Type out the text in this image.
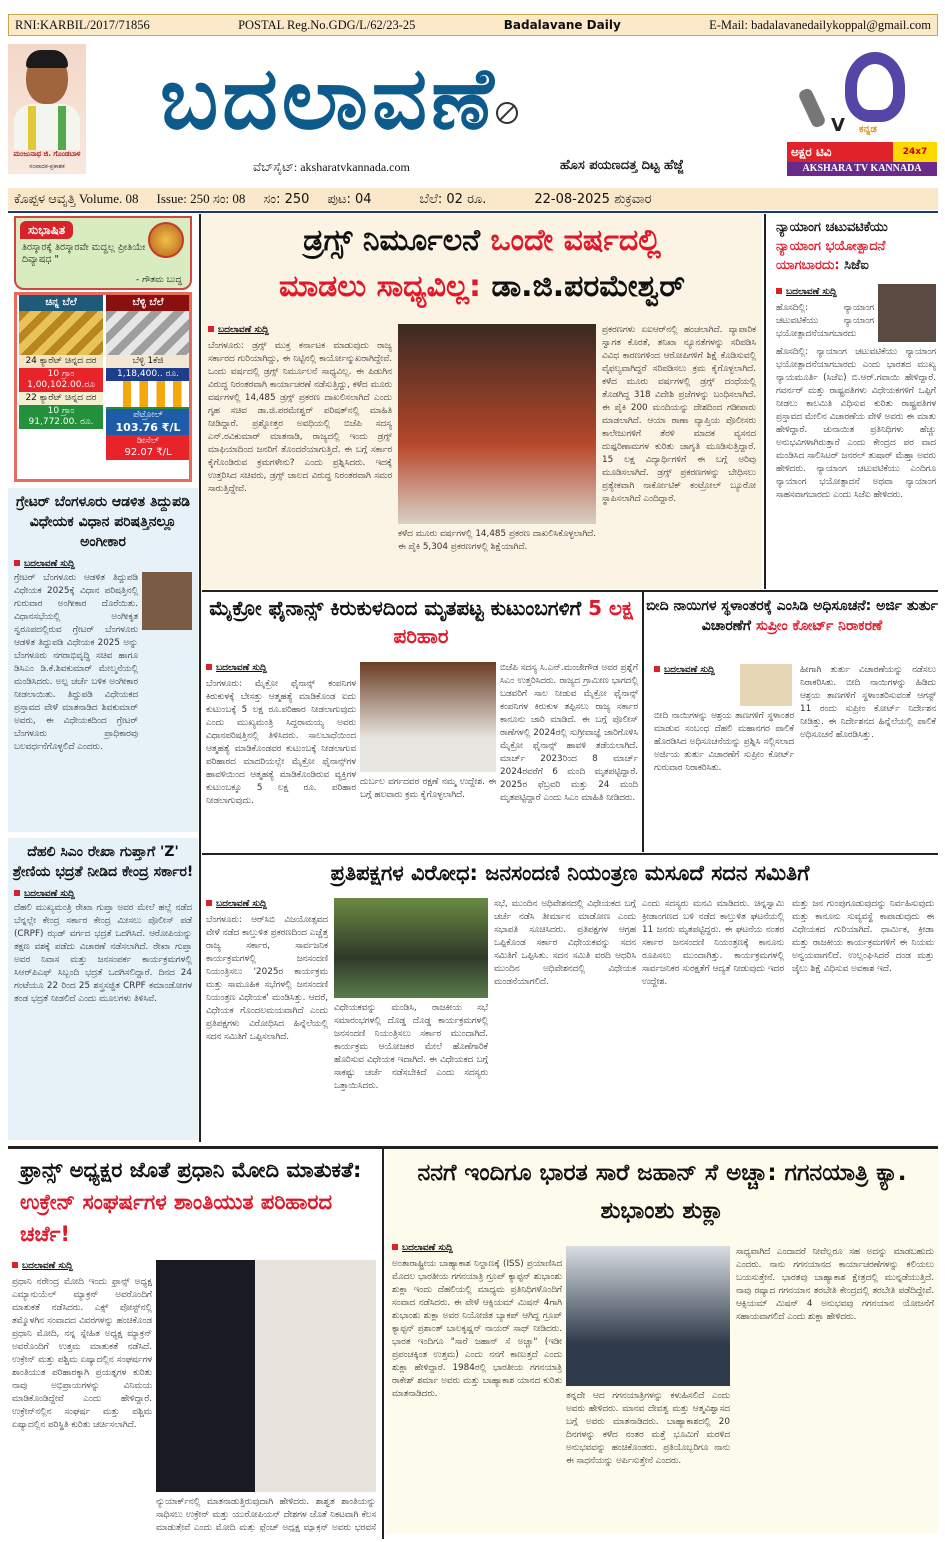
RNI:KARBIL/2017/71856	POSTAL Reg.No.GDG/L/62/23-25	Badalavane Daily	E-Mail: badalavanedailykoppal@gmail.com
ಮಂಜುನಾಥ ಜಿ. ಗೊಂಡಬಾಳ
ಸಂಪಾದಕ-ಪ್ರಕಾಶಕ
ಬದಲಾವಣೆ
ವೆಬ್‌ಸೈಟ್: aksharatvkannada.com	ಹೊಸ ಪಯಣದತ್ತ ದಿಟ್ಟ ಹೆಜ್ಜೆ
V ಕನ್ನಡ
ಅಕ್ಷರ ಟಿವಿ	24x7
AKSHARA TV KANNADA
ಕೊಪ್ಪಳ ಆವೃತ್ತಿ Volume. 08 Issue: 250 ಸಂ: 08 ಸಂ: 250 ಪುಟ: 04	ಬೆಲೆ: 02 ರೂ.	22-08-2025 ಶುಕ್ರವಾರ
ಸುಭಾಷಿತ
ತಿರಸ್ಕಾರಕ್ಕೆ ತಿರಸ್ಕಾರವೇ ಮದ್ದಲ್ಲ ಪ್ರೀತಿಯೇ ದಿವ್ಯಾಷಧ "
- ಗೌತಮ ಬುದ್ಧ
ಚಿನ್ನ ಬೆಲೆ
24 ಕ್ಯಾರೆಟ್ ಚಿನ್ನದ ದರ
10 ಗ್ರಾಂ
1,00,102.00.ರೂ
22 ಕ್ಯಾರೆಟ್ ಚಿನ್ನದ ದರ
10 ಗ್ರಾಂ
91,772.00. ರೂ.
ಬೆಳ್ಳಿ ಬೆಲೆ
ಬೆಳ್ಳಿ 1ಕೆಜಿ
1,18,400.. ರೂ.
ಪೆಟ್ರೋಲ್
103.76 ₹/L
ಡೀಸೆಲ್
92.07 ₹/L
ಗ್ರೇಟರ್ ಬೆಂಗಳೂರು ಆಡಳಿತ ತಿದ್ದುಪಡಿ ವಿಧೇಯಕ ವಿಧಾನ ಪರಿಷತ್ತಿನಲ್ಲೂ ಅಂಗೀಕಾರ
ಬದಲಾವಣೆ ಸುದ್ದಿ
ಗ್ರೇಟರ್ ಬೆಂಗಳೂರು ಆಡಳಿತ ತಿದ್ದುಪಡಿ ವಿಧೇಯಕ 2025ಕ್ಕೆ ವಿಧಾನ ಪರಿಷತ್ತಿನಲ್ಲಿ ಗುರುವಾರ ಅಂಗೀಕಾರ ದೊರೆಯಿತು. ವಿಧಾನಸಭೆಯಲ್ಲಿ ಅಂಗೀಕೃತ ಸ್ವರೂಪದಲ್ಲಿರುವ ಗ್ರೇಟರ್ ಬೆಂಗಳೂರು ಆಡಳಿತ ತಿದ್ದುಪಡಿ ವಿಧೇಯಕ 2025 ಅನ್ನು ಬೆಂಗಳೂರು ನಗರಾಭಿವೃದ್ಧಿ ಸಚಿವ ಹಾಗೂ ಡಿಸಿಎಂ ಡಿ.ಕೆ.ಶಿವಕುಮಾರ್ ಮೇಲ್ಮನೆಯಲ್ಲಿ ಮಂಡಿಸಿದರು. ಅಲ್ಪ ಚರ್ಚೆ ಬಳಿಕ ಅಂಗೀಕಾರ ನೀಡಲಾಯಿತು. ತಿದ್ದುಪಡಿ ವಿಧೇಯಕದ ಪ್ರಸ್ತಾವದ ವೇಳೆ ಮಾತನಾಡಿದ ಶಿವಕುಮಾರ್ ಅವರು, ಈ ವಿಧೇಯಕದಿಂದ ಗ್ರೇಟರ್ ಬೆಂಗಳೂರು ಪ್ರಾಧಿಕಾರವು ಬಲವರ್ಧನೆಗೊಳ್ಳಲಿದೆ ಎಂದರು.
ದೆಹಲಿ ಸಿಎಂ ರೇಖಾ ಗುಪ್ತಾಗೆ 'Z' ಶ್ರೇಣಿಯ ಭದ್ರತೆ ನೀಡಿದ ಕೇಂದ್ರ ಸರ್ಕಾರ!
ಬದಲಾವಣೆ ಸುದ್ದಿ
ದೆಹಲಿ ಮುಖ್ಯಮಂತ್ರಿ ರೇಖಾ ಗುಪ್ತಾ ಅವರ ಮೇಲೆ ಹಲ್ಲೆ ನಡೆದ ಬೆನ್ನಲ್ಲೇ ಕೇಂದ್ರ ಸರ್ಕಾರ ಕೇಂದ್ರ ಮೀಸಲು ಪೊಲೀಸ್ ಪಡೆ (CRPF) ಝಡ್ ವರ್ಗದ ಭದ್ರತೆ ಒದಗಿಸಿದೆ. ಆರೋಪಿಯನ್ನು ತಕ್ಷಣ ವಶಕ್ಕೆ ಪಡೆದು ವಿಚಾರಣೆ ನಡೆಸಲಾಗಿದೆ. ರೇಖಾ ಗುಪ್ತಾ ಅವರ ನಿವಾಸ ಮತ್ತು ಜನಸಂಪರ್ಕ ಕಾರ್ಯಕ್ರಮಗಳಲ್ಲಿ ಸಿಆರ್‌ಪಿಎಫ್ ಸಿಬ್ಬಂದಿ ಭದ್ರತೆ ಒದಗಿಸಲಿದ್ದಾರೆ. ದಿನದ 24 ಗಂಟೆಯೂ 22 ರಿಂದ 25 ಶಸ್ತ್ರಸಜ್ಜಿತ CRPF ಕಮಾಂಡೋಗಳ ತಂಡ ಭದ್ರತೆ ನೀಡಲಿದೆ ಎಂದು ಮೂಲಗಳು ತಿಳಿಸಿವೆ.
ಡ್ರಗ್ಸ್ ನಿರ್ಮೂಲನೆ ಒಂದೇ ವರ್ಷದಲ್ಲಿ
ಮಾಡಲು ಸಾಧ್ಯವಿಲ್ಲ: ಡಾ.ಜಿ.ಪರಮೇಶ್ವರ್
ಬದಲಾವಣೆ ಸುದ್ದಿ
ಬೆಂಗಳೂರು: ಡ್ರಗ್ಸ್ ಮುಕ್ತ ಕರ್ನಾಟಕ ಮಾಡುವುದು ರಾಜ್ಯ ಸರ್ಕಾರದ ಗುರಿಯಾಗಿದ್ದು, ಈ ನಿಟ್ಟಿನಲ್ಲಿ ಕಾರ್ಯೋನ್ಮುಖರಾಗಿದ್ದೇವೆ. ಒಂದು ವರ್ಷದಲ್ಲಿ ಡ್ರಗ್ಸ್ ನಿರ್ಮೂಲನೆ ಸಾಧ್ಯವಿಲ್ಲ. ಈ ಪಿಡುಗಿನ ವಿರುದ್ಧ ನಿರಂತರವಾಗಿ ಕಾರ್ಯಾಚರಣೆ ನಡೆಸುತ್ತಿದ್ದು, ಕಳೆದ ಮೂರು ವರ್ಷಗಳಲ್ಲಿ 14,485 ಡ್ರಗ್ಸ್ ಪ್ರಕರಣ ದಾಖಲಿಸಲಾಗಿದೆ ಎಂದು ಗೃಹ ಸಚಿವ ಡಾ.ಜಿ.ಪರಮೇಶ್ವರ್ ಪರಿಷತ್‌ನಲ್ಲಿ ಮಾಹಿತಿ ನೀಡಿದ್ದಾರೆ. ಪ್ರಶ್ನೋತ್ತರ ಅವಧಿಯಲ್ಲಿ ಬಿಜೆಪಿ ಸದಸ್ಯ ಎನ್.ರವಿಕುಮಾರ್ ಮಾತನಾಡಿ, ರಾಜ್ಯದಲ್ಲಿ ಇಂದು ಡ್ರಗ್ಸ್ ಮಾಫಿಯಾದಿಂದ ಜನರಿಗೆ ತೊಂದರೆಯಾಗುತ್ತಿದೆ. ಈ ಬಗ್ಗೆ ಸರ್ಕಾರ ಕೈಗೊಂಡಿರುವ ಕ್ರಮಗಳೇನು? ಎಂದು ಪ್ರಶ್ನಿಸಿದರು. ಇದಕ್ಕೆ ಉತ್ತರಿಸಿದ ಸಚಿವರು, ಡ್ರಗ್ಸ್ ಜಾಲದ ವಿರುದ್ಧ ನಿರಂತರವಾಗಿ ಸಮರ ಸಾರುತ್ತಿದ್ದೇವೆ.
ಕಳೆದ ಮೂರು ವರ್ಷಗಳಲ್ಲಿ 14,485 ಪ್ರಕರಣ ದಾಖಲಿಸಿಕೊಳ್ಳಲಾಗಿದೆ. ಈ ಪೈಕಿ 5,304 ಪ್ರಕರಣಗಳಲ್ಲಿ ಶಿಕ್ಷೆಯಾಗಿದೆ.
ಪ್ರಕರಣಗಳು ಏಐಆರ್‌ನಲ್ಲಿ ಹಂಚಲಾಗಿದೆ. ವ್ಯಾಪಾರಿಕ ಸ್ವಾಗತ ಕೊರತೆ, ತನಿಖಾ ನ್ಯೂನತೆಗಳನ್ನು ಸರಿಪಡಿಸಿ ವಿವಿಧ ಕಾರಣಗಳಿಂದ ಆರೋಪಿಗಳಿಗೆ ಶಿಕ್ಷೆ ಕೊಡಿಸುವಲ್ಲಿ ವೈಫಲ್ಯವಾಗಿದ್ದರೆ ಸರಿಪಡಿಸಲು ಕ್ರಮ ಕೈಗೊಳ್ಳಲಾಗಿದೆ. ಕಳೆದ ಮೂರು ವರ್ಷಗಳಲ್ಲಿ ಡ್ರಗ್ಸ್ ದಂಧೆಯಲ್ಲಿ ತೊಡಗಿದ್ದ 318 ವಿದೇಶಿ ಪ್ರಜೆಗಳನ್ನು ಬಂಧಿಸಲಾಗಿದೆ. ಈ ಪೈಕಿ 200 ಮಂದಿಯನ್ನು ದೇಶದಿಂದ ಗಡೀಪಾರು ಮಾಡಲಾಗಿದೆ. ಆಯಾ ಠಾಣಾ ವ್ಯಾಪ್ತಿಯ ಪೊಲೀಸರು ಕಾಲೇಜುಗಳಿಗೆ ತೆರಳಿ ಮಾದಕ ವ್ಯಸನದ ದುಷ್ಪರಿಣಾಮಗಳ ಕುರಿತು ಜಾಗೃತಿ ಮೂಡಿಸುತ್ತಿದ್ದಾರೆ. 15 ಲಕ್ಷ ವಿದ್ಯಾರ್ಥಿಗಳಿಗೆ ಈ ಬಗ್ಗೆ ಅರಿವು ಮೂಡಿಸಲಾಗಿದೆ. ಡ್ರಗ್ಸ್ ಪ್ರಕರಣಗಳನ್ನು ಬೇಧಿಸಲು ಪ್ರತ್ಯೇಕವಾಗಿ ನಾರ್ಕೋಟಿಕ್ ಕಂಟ್ರೋಲ್ ಬ್ಯೂರೋ ಸ್ಥಾಪಿಸಲಾಗಿದೆ ಎಂದಿದ್ದಾರೆ.
ನ್ಯಾಯಾಂಗ ಚಟುವಟಿಕೆಯು
ನ್ಯಾಯಾಂಗ ಭಯೋತ್ಪಾದನೆ
ಯಾಗಬಾರದು: ಸಿಜೆಐ
ಬದಲಾವಣೆ ಸುದ್ದಿ
ಹೊಸದಿಲ್ಲಿ: ನ್ಯಾಯಾಂಗ ಚಟುವಟಿಕೆಯು ನ್ಯಾಯಾಂಗ ಭಯೋತ್ಪಾದನೆಯಾಗಬಾರದು
ಹೊಸದಿಲ್ಲಿ: ನ್ಯಾಯಾಂಗ ಚಟುವಟಿಕೆಯು ನ್ಯಾಯಾಂಗ ಭಯೋತ್ಪಾದನೆಯಾಗಬಾರದು ಎಂದು ಭಾರತದ ಮುಖ್ಯ ನ್ಯಾಯಮೂರ್ತಿ (ಸಿಜೆಐ) ಬಿ.ಆರ್.ಗವಾಯಿ ಹೇಳಿದ್ದಾರೆ. ಗವರ್ನರ್ ಮತ್ತು ರಾಷ್ಟ್ರಪತಿಗಳು ವಿಧೇಯಕಗಳಿಗೆ ಒಪ್ಪಿಗೆ ನೀಡಲು ಕಾಲಮಿತಿ ವಿಧಿಸುವ ಕುರಿತು ರಾಷ್ಟ್ರಪತಿಗಳ ಪ್ರಸ್ತಾವದ ಮೇಲಿನ ವಿಚಾರಣೆಯ ವೇಳೆ ಅವರು ಈ ಮಾತು ಹೇಳಿದ್ದಾರೆ. ಚುನಾಯಿತ ಪ್ರತಿನಿಧಿಗಳು ಹೆಚ್ಚು ಅನುಭವಿಗಳಾಗಿರುತ್ತಾರೆ ಎಂದು ಕೇಂದ್ರದ ಪರ ವಾದ ಮಂಡಿಸಿದ ಸಾಲಿಸಿಟರ್ ಜನರಲ್ ತುಷಾರ್ ಮೆಹ್ತಾ ಅವರು ಹೇಳಿದರು. ನ್ಯಾಯಾಂಗ ಚಟುವಟಿಕೆಯು ಎಂದಿಗೂ ನ್ಯಾಯಾಂಗ ಭಯೋತ್ಪಾದನೆ ಅಥವಾ ನ್ಯಾಯಾಂಗ ಸಾಹಸವಾಗಬಾರದು ಎಂದು ಸಿಜೆಐ ಹೇಳಿದರು.
ಮೈಕ್ರೋ ಫೈನಾನ್ಸ್ ಕಿರುಕುಳದಿಂದ ಮೃತಪಟ್ಟ ಕುಟುಂಬಗಳಿಗೆ 5 ಲಕ್ಷ ಪರಿಹಾರ
ಬದಲಾವಣೆ ಸುದ್ದಿ
ಬೆಂಗಳೂರು: ಮೈಕ್ರೋ ಫೈನಾನ್ಸ್ ಕಂಪನಿಗಳ ಕಿರುಕುಳಕ್ಕೆ ಬೇಸತ್ತು ಆತ್ಮಹತ್ಯೆ ಮಾಡಿಕೊಂಡ ಐದು ಕುಟುಂಬಕ್ಕೆ 5 ಲಕ್ಷ ರೂ.ಪರಿಹಾರ ನೀಡಲಾಗುವುದು ಎಂದು ಮುಖ್ಯಮಂತ್ರಿ ಸಿದ್ದರಾಮಯ್ಯ ಅವರು ವಿಧಾನಪರಿಷತ್ತಿನಲ್ಲಿ ತಿಳಿಸಿದರು. ಸಾಲಬಾಧೆಯಿಂದ ಆತ್ಮಹತ್ಯೆ ಮಾಡಿಕೊಂಡವರ ಕುಟುಂಬಕ್ಕೆ ನೀಡಲಾಗುವ ಪರಿಹಾರದ ಮಾದರಿಯಲ್ಲೇ ಮೈಕ್ರೋ ಫೈನಾನ್ಸ್‌ಗಳ ಹಾವಳಿಯಿಂದ ಆತ್ಮಹತ್ಯೆ ಮಾಡಿಕೊಂಡಿರುವ ವ್ಯಕ್ತಿಗಳ ಕುಟುಂಬಕ್ಕೂ 5 ಲಕ್ಷ ರೂ. ಪರಿಹಾರ ನೀಡಲಾಗುವುದು.
ದುರ್ಬಲ ವರ್ಗದವರ ರಕ್ಷಣೆ ನಮ್ಮ ಉದ್ದೇಶ. ಈ ಬಗ್ಗೆ ಹಲವಾರು ಕ್ರಮ ಕೈಗೊಳ್ಳಲಾಗಿದೆ.
ಬಿಜೆಪಿ ಸದಸ್ಯ ಸಿ.ಎನ್.ಮಂಜೇಗೌಡ ಅವರ ಪ್ರಶ್ನೆಗೆ ಸಿಎಂ ಉತ್ತರಿಸಿದರು. ರಾಜ್ಯದ ಗ್ರಾಮೀಣ ಭಾಗದಲ್ಲಿ ಬಡವರಿಗೆ ಸಾಲ ನೀಡುವ ಮೈಕ್ರೋ ಫೈನಾನ್ಸ್ ಕಂಪನಿಗಳ ಕಿರುಕುಳ ತಪ್ಪಿಸಲು ರಾಜ್ಯ ಸರ್ಕಾರ ಕಾನೂನು ಜಾರಿ ಮಾಡಿದೆ. ಈ ಬಗ್ಗೆ ಪೊಲೀಸ್ ಠಾಣೆಗಳಲ್ಲಿ 2024ರಲ್ಲಿ ಸುಗ್ರೀವಾಜ್ಞೆ ಜಾರಿಗೊಳಿಸಿ ಮೈಕ್ರೋ ಫೈನಾನ್ಸ್ ಹಾವಳಿ ತಡೆಯಲಾಗಿದೆ. ಮಾರ್ಚ್ 2023ರಿಂದ 8 ಮಾರ್ಚ್ 2024ರವರೆಗೆ 6 ಮಂದಿ ಮೃತಪಟ್ಟಿದ್ದಾರೆ. 2025ರ ಫೆಬ್ರವರಿ ಮತ್ತು 24 ಮಂದಿ ಮೃತಪಟ್ಟಿದ್ದಾರೆ ಎಂದು ಸಿಎಂ ಮಾಹಿತಿ ನೀಡಿದರು.
ಬೀದಿ ನಾಯಿಗಳ ಸ್ಥಳಾಂತರಕ್ಕೆ ಎಂಸಿಡಿ ಅಧಿಸೂಚನೆ: ಅರ್ಜಿ ತುರ್ತು ವಿಚಾರಣೆಗೆ ಸುಪ್ರೀಂ ಕೋರ್ಟ್ ನಿರಾಕರಣೆ
ಬದಲಾವಣೆ ಸುದ್ದಿ
ಬೀದಿ ನಾಯಿಗಳನ್ನು ಆಶ್ರಯ ತಾಣಗಳಿಗೆ ಸ್ಥಳಾಂತರ ಮಾಡುವ ಸಂಬಂಧ ದೆಹಲಿ ಮಹಾನಗರ ಪಾಲಿಕೆ ಹೊರಡಿಸಿದ ಅಧಿಸೂಚನೆಯನ್ನು ಪ್ರಶ್ನಿಸಿ ಸಲ್ಲಿಸಲಾದ ಅರ್ಜಿಯ ತುರ್ತು ವಿಚಾರಣೆಗೆ ಸುಪ್ರೀಂ ಕೋರ್ಟ್ ಗುರುವಾರ ನಿರಾಕರಿಸಿತು.
ಹೀಗಾಗಿ ತುರ್ತು ವಿಚಾರಣೆಯನ್ನು ನಡೆಸಲು ನಿರಾಕರಿಸಿತು. ಬೀದಿ ನಾಯಿಗಳನ್ನು ಹಿಡಿದು ಆಶ್ರಯ ತಾಣಗಳಿಗೆ ಸ್ಥಳಾಂತರಿಸುವಂತೆ ಆಗಸ್ಟ್ 11 ರಂದು ಸುಪ್ರೀಂ ಕೋರ್ಟ್ ನಿರ್ದೇಶನ ನೀಡಿತ್ತು. ಈ ನಿರ್ದೇಶನದ ಹಿನ್ನೆಲೆಯಲ್ಲಿ ಪಾಲಿಕೆ ಅಧಿಸೂಚನೆ ಹೊರಡಿಸಿತ್ತು.
ಪ್ರತಿಪಕ್ಷಗಳ ವಿರೋಧ: ಜನಸಂದಣಿ ನಿಯಂತ್ರಣ ಮಸೂದೆ ಸದನ ಸಮಿತಿಗೆ
ಬದಲಾವಣೆ ಸುದ್ದಿ
ಬೆಂಗಳೂರು: ಆರ್‌ಸಿಬಿ ವಿಜಯೋತ್ಸವದ ವೇಳೆ ನಡೆದ ಕಾಲ್ತುಳಿತ ಪ್ರಕರಣದಿಂದ ಎಚ್ಚೆತ್ತ ರಾಜ್ಯ ಸರ್ಕಾರ, ಸಾರ್ವಜನಿಕ ಕಾರ್ಯಕ್ರಮಗಳಲ್ಲಿ ಜನಸಂದಣಿ ನಿಯಂತ್ರಿಸಲು '2025ರ ಕಾರ್ಯಕ್ರಮ ಮತ್ತು ಸಾಮೂಹಿಕ ಸಭೆಗಳಲ್ಲಿ ಜನಸಂದಣಿ ನಿಯಂತ್ರಣ ವಿಧೇಯಕ' ಮಂಡಿಸಿತ್ತು. ಆದರೆ, ವಿಧೇಯಕ ಗೊಂದಲಮಯವಾಗಿದೆ ಎಂದು ಪ್ರತಿಪಕ್ಷಗಳು ವಿರೋಧಿಸಿದ ಹಿನ್ನೆಲೆಯಲ್ಲಿ ಸದನ ಸಮಿತಿಗೆ ಒಪ್ಪಿಸಲಾಗಿದೆ.
ವಿಧೇಯಕವನ್ನು ಮಂಡಿಸಿ, ರಾಜಕೀಯ ಸಭೆ ಸಮಾರಂಭಗಳಲ್ಲಿ ದೊಡ್ಡ ದೊಡ್ಡ ಕಾರ್ಯಕ್ರಮಗಳಲ್ಲಿ ಜನಸಂದಣಿ ನಿಯಂತ್ರಿಸಲು ಸರ್ಕಾರ ಮುಂದಾಗಿದೆ. ಕಾರ್ಯಕ್ರಮ ಆಯೋಜಕರ ಮೇಲೆ ಹೊಣೆಗಾರಿಕೆ ಹೊರಿಸುವ ವಿಧೇಯಕ ಇದಾಗಿದೆ. ಈ ವಿಧೇಯಕದ ಬಗ್ಗೆ ಸಾಕಷ್ಟು ಚರ್ಚೆ ನಡೆಸಬೇಕಿದೆ ಎಂದು ಸದಸ್ಯರು ಒತ್ತಾಯಿಸಿದರು.
ಸಭೆ, ಮುಂದಿನ ಅಧಿವೇಶನದಲ್ಲಿ ವಿಧೇಯಕದ ಬಗ್ಗೆ ಚರ್ಚೆ ನಡೆಸಿ ತೀರ್ಮಾನ ಮಾಡೋಣ ಎಂದು ಸಭಾಪತಿ ಸೂಚಿಸಿದರು. ಪ್ರತಿಪಕ್ಷಗಳ ಆಗ್ರಹ ಒಪ್ಪಿಕೊಂಡ ಸರ್ಕಾರ ವಿಧೇಯಕವನ್ನು ಸದನ ಸಮಿತಿಗೆ ಒಪ್ಪಿಸಿತು. ಸದನ ಸಮಿತಿ ವರದಿ ಆಧರಿಸಿ ಮುಂದಿನ ಅಧಿವೇಶನದಲ್ಲಿ ವಿಧೇಯಕ ಮಂಡನೆಯಾಗಲಿದೆ.
ಎಂದು ಸದಸ್ಯರು ಮನವಿ ಮಾಡಿದರು. ಚಿನ್ನಸ್ವಾಮಿ ಕ್ರೀಡಾಂಗಣದ ಬಳಿ ನಡೆದ ಕಾಲ್ತುಳಿತ ಘಟನೆಯಲ್ಲಿ 11 ಜನರು ಮೃತಪಟ್ಟಿದ್ದರು. ಈ ಘಟನೆಯ ನಂತರ ಸರ್ಕಾರ ಜನಸಂದಣಿ ನಿಯಂತ್ರಣಕ್ಕೆ ಕಾನೂನು ರೂಪಿಸಲು ಮುಂದಾಗಿತ್ತು. ಕಾರ್ಯಕ್ರಮಗಳಲ್ಲಿ ಸಾರ್ವಜನಿಕರ ಸುರಕ್ಷತೆಗೆ ಆದ್ಯತೆ ನೀಡುವುದು ಇದರ ಉದ್ದೇಶ.
ಮತ್ತು ಜನ ಗುಂಪುಗೂಡುವುದನ್ನು ನಿರ್ವಹಿಸುವುದು ಮತ್ತು ಕಾನೂನು ಸುವ್ಯವಸ್ಥೆ ಕಾಪಾಡುವುದು ಈ ವಿಧೇಯಕದ ಗುರಿಯಾಗಿದೆ. ಧಾರ್ಮಿಕ, ಕ್ರೀಡಾ ಮತ್ತು ರಾಜಕೀಯ ಕಾರ್ಯಕ್ರಮಗಳಿಗೆ ಈ ನಿಯಮ ಅನ್ವಯವಾಗಲಿದೆ. ಉಲ್ಲಂಘಿಸಿದರೆ ದಂಡ ಮತ್ತು ಜೈಲು ಶಿಕ್ಷೆ ವಿಧಿಸುವ ಅವಕಾಶ ಇದೆ.
ಫ್ರಾನ್ಸ್ ಅಧ್ಯಕ್ಷರ ಜೊತೆ ಪ್ರಧಾನಿ ಮೋದಿ ಮಾತುಕತೆ: ಉಕ್ರೇನ್ ಸಂಘರ್ಷಗಳ ಶಾಂತಿಯುತ ಪರಿಹಾರದ ಚರ್ಚೆ!
ಬದಲಾವಣೆ ಸುದ್ದಿ
ಪ್ರಧಾನಿ ನರೇಂದ್ರ ಮೋದಿ ಇಂದು ಫ್ರಾನ್ಸ್ ಅಧ್ಯಕ್ಷ ಎಮ್ಯಾನುಯೆಲ್ ಮ್ಯಾಕ್ರನ್ ಅವರೊಂದಿಗೆ ಮಾತುಕತೆ ನಡೆಸಿದರು. ಎಕ್ಸ್ ಪೋಸ್ಟ್‌ನಲ್ಲಿ ತಮ್ಮೊಳಗಿನ ಸಂವಾದದ ವಿವರಗಳನ್ನು ಹಂಚಿಕೊಂಡ ಪ್ರಧಾನಿ ಮೋದಿ, ನನ್ನ ಸ್ನೇಹಿತ ಅಧ್ಯಕ್ಷ ಮ್ಯಾಕ್ರನ್ ಅವರೊಂದಿಗೆ ಉತ್ತಮ ಮಾತುಕತೆ ನಡೆಸಿದೆ. ಉಕ್ರೇನ್ ಮತ್ತು ಪಶ್ಚಿಮ ಏಷ್ಯಾದಲ್ಲಿನ ಸಂಘರ್ಷಗಳ ಶಾಂತಿಯುತ ಪರಿಹಾರಕ್ಕಾಗಿ ಪ್ರಯತ್ನಗಳ ಕುರಿತು ನಾವು ಅಭಿಪ್ರಾಯಗಳನ್ನು ವಿನಿಮಯ ಮಾಡಿಕೊಂಡಿದ್ದೇವೆ ಎಂದು ಹೇಳಿದ್ದಾರೆ. ಉಕ್ರೇನ್‌ನಲ್ಲಿನ ಸಂಘರ್ಷ ಮತ್ತು ಪಶ್ಚಿಮ ಏಷ್ಯಾದಲ್ಲಿನ ಪರಿಸ್ಥಿತಿ ಕುರಿತು ಚರ್ಚಿಸಲಾಗಿದೆ.
ನ್ಯುಯಾರ್ಕ್‌ನಲ್ಲಿ ಮಾತನಾಡುತ್ತಿರುವುದಾಗಿ ಹೇಳಿದರು. ಶಾಶ್ವತ ಶಾಂತಿಯನ್ನು ಸಾಧಿಸಲು ಉಕ್ರೇನ್ ಮತ್ತು ಯುರೋಪಿಯನ್ ದೇಶಗಳ ಜೊತೆ ನಿಕಟವಾಗಿ ಕೆಲಸ ಮಾಡುತ್ತೇವೆ ಎಂದು ಮೋದಿ ಮತ್ತು ಫ್ರೆಂಚ್ ಅಧ್ಯಕ್ಷ ಮ್ಯಾಕ್ರನ್ ಅವರು ಭರವಸೆ
ನನಗೆ ಇಂದಿಗೂ ಭಾರತ ಸಾರೆ ಜಹಾನ್ ಸೆ ಅಚ್ಚಾ: ಗಗನಯಾತ್ರಿ ಕ್ಯಾ. ಶುಭಾಂಶು ಶುಕ್ಲಾ
ಬದಲಾವಣೆ ಸುದ್ದಿ
ಅಂತಾರಾಷ್ಟ್ರೀಯ ಬಾಹ್ಯಾಕಾಶ ನಿಲ್ದಾಣಕ್ಕೆ (ISS) ಪ್ರಯಾಣಿಸಿದ ಮೊದಲ ಭಾರತೀಯ ಗಗನಯಾತ್ರಿ ಗ್ರೂಪ್ ಕ್ಯಾಪ್ಟನ್ ಶುಭಾಂಶು ಶುಕ್ಲಾ ಇಂದು ದೆಹಲಿಯಲ್ಲಿ ಮಾಧ್ಯಮ ಪ್ರತಿನಿಧಿಗಳೊಂದಿಗೆ ಸಂವಾದ ನಡೆಸಿದರು. ಈ ವೇಳೆ ಆಕ್ಸಿಯಮ್ ಮಿಷನ್ 4ಗಾಗಿ ಶುಭಾಂಶು ಶುಕ್ಲಾ ಅವರ ನಿಯೋಜಿತ ಬ್ಯಾಕಪ್ ಆಗಿದ್ದ ಗ್ರೂಪ್ ಕ್ಯಾಪ್ಟನ್ ಪ್ರಶಾಂತ್ ಬಾಲಕೃಷ್ಣನ್ ನಾಯರ್ ಸಾಥ್ ನೀಡಿದರು. ಭಾರತ ಇಂದಿಗೂ "ಸಾರೆ ಜಹಾನ್ ಸೆ ಅಚ್ಚಾ" (ಇಡೀ ಪ್ರಪಂಚಕ್ಕಿಂತ ಉತ್ತಮ) ಎಂದು ನನಗೆ ಕಾಣುತ್ತದೆ ಎಂದು ಶುಕ್ಲಾ ಹೇಳಿದ್ದಾರೆ. 1984ರಲ್ಲಿ ಭಾರತೀಯ ಗಗನಯಾತ್ರಿ ರಾಕೇಶ್ ಶರ್ಮಾ ಅವರು ಮತ್ತು ಬಾಹ್ಯಾಕಾಶ ಯಾನದ ಕುರಿತು ಮಾತನಾಡಿದರು.	ತನ್ನದೇ ಆದ ಗಗನಯಾತ್ರಿಗಳನ್ನು ಕಳುಹಿಸಲಿದೆ ಎಂದು ಅವರು ಹೇಳಿದರು. ಮಾನವ ದೇವತ್ವ ಮತ್ತು ಆತ್ಮವಿಶ್ವಾಸದ ಬಗ್ಗೆ ಅವರು ಮಾತನಾಡಿದರು. ಬಾಹ್ಯಾಕಾಶದಲ್ಲಿ 20 ದಿನಗಳನ್ನು ಕಳೆದ ನಂತರ ಮತ್ತೆ ಭೂಮಿಗೆ ಮರಳಿದ ಅನುಭವವನ್ನು ಹಂಚಿಕೊಂಡರು. ಪ್ರತಿಯೊಬ್ಬರಿಗೂ ನಾನು ಈ ಸಾಧನೆಯನ್ನು ಅರ್ಪಿಸುತ್ತೇನೆ ಎಂದರು.
ಸಾಧ್ಯವಾಗಿದೆ ಎಂದಾದರೆ ನೀವೆಲ್ಲರೂ ಸಹ ಅದನ್ನು ಮಾಡಬಹುದು ಎಂದರು. ನಾನು ಗಗನಯಾನದ ಕಾರ್ಯಾಚರಣೆಗಳನ್ನು ಕಲಿಯಲು ಬಯಸುತ್ತೇನೆ. ಭಾರತವು ಬಾಹ್ಯಾಕಾಶ ಕ್ಷೇತ್ರದಲ್ಲಿ ಮುನ್ನಡೆಯುತ್ತಿದೆ. ನಾವು ರಷ್ಯಾದ ಗಗನಯಾನ ತರಬೇತಿ ಕೇಂದ್ರದಲ್ಲಿ ತರಬೇತಿ ಪಡೆದಿದ್ದೇವೆ. ಆಕ್ಸಿಯಮ್ ಮಿಷನ್ 4 ಅನುಭವವು ಗಗನಯಾನ ಯೋಜನೆಗೆ ಸಹಾಯವಾಗಲಿದೆ ಎಂದು ಶುಕ್ಲಾ ಹೇಳಿದರು.
